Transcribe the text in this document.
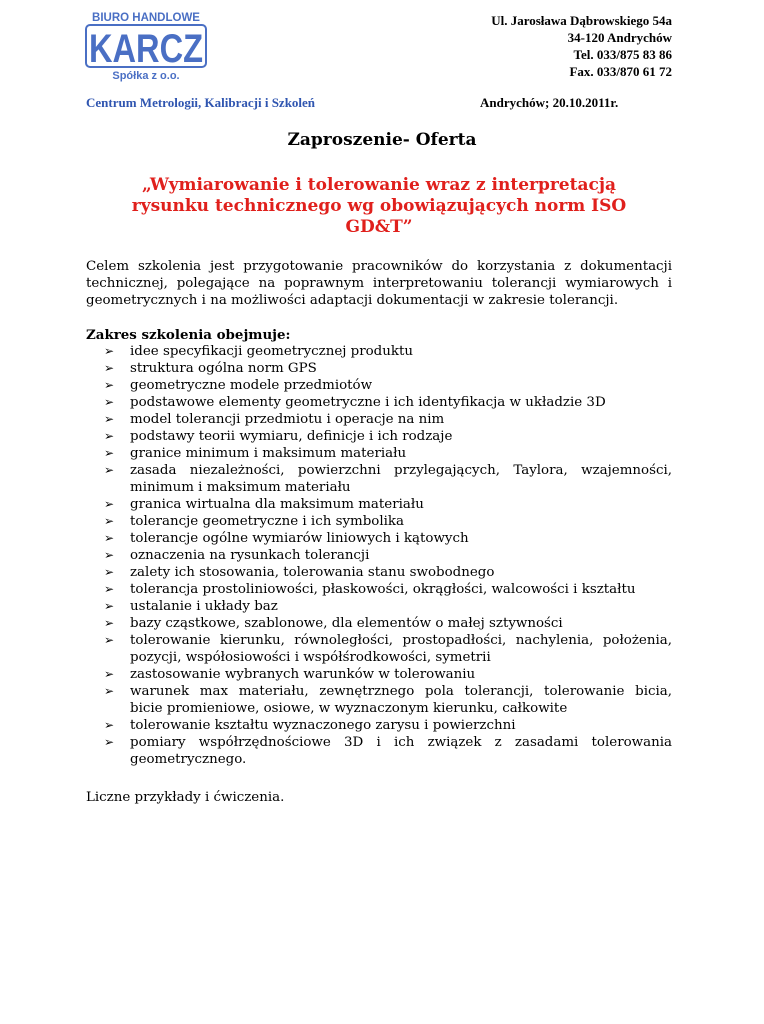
BIURO HANDLOWE
KARCZ
Spółka z o.o.
Ul. Jarosława Dąbrowskiego 54a
34-120 Andrychów
Tel. 033/875 83 86
Fax. 033/870 61 72
Centrum Metrologii, Kalibracji i Szkoleń	Andrychów; 20.10.2011r.
Zaproszenie- Oferta
„Wymiarowanie i tolerowanie wraz z interpretacją
rysunku technicznego wg obowiązujących norm ISO
GD&T”
Celem szkolenia jest przygotowanie pracowników do korzystania z dokumentacji
technicznej, polegające na poprawnym interpretowaniu tolerancji wymiarowych i
geometrycznych i na możliwości adaptacji dokumentacji w zakresie tolerancji.
Zakres szkolenia obejmuje:
➢ idee specyfikacji geometrycznej produktu
➢ struktura ogólna norm GPS
➢ geometryczne modele przedmiotów
➢ podstawowe elementy geometryczne i ich identyfikacja w układzie 3D
➢ model tolerancji przedmiotu i operacje na nim
➢ podstawy teorii wymiaru, definicje i ich rodzaje
➢ granice minimum i maksimum materiału
➢ zasada niezależności, powierzchni przylegających, Taylora, wzajemności,
minimum i maksimum materiału
➢ granica wirtualna dla maksimum materiału
➢ tolerancje geometryczne i ich symbolika
➢ tolerancje ogólne wymiarów liniowych i kątowych
➢ oznaczenia na rysunkach tolerancji
➢ zalety ich stosowania, tolerowania stanu swobodnego
➢ tolerancja prostoliniowości, płaskowości, okrągłości, walcowości i kształtu
➢ ustalanie i układy baz
➢ bazy cząstkowe, szablonowe, dla elementów o małej sztywności
➢ tolerowanie kierunku, równoległości, prostopadłości, nachylenia, położenia,
pozycji, współosiowości i współśrodkowości, symetrii
➢ zastosowanie wybranych warunków w tolerowaniu
➢ warunek max materiału, zewnętrznego pola tolerancji, tolerowanie bicia,
bicie promieniowe, osiowe, w wyznaczonym kierunku, całkowite
➢ tolerowanie kształtu wyznaczonego zarysu i powierzchni
➢ pomiary współrzędnościowe 3D i ich związek z zasadami tolerowania
geometrycznego.
Liczne przykłady i ćwiczenia.
